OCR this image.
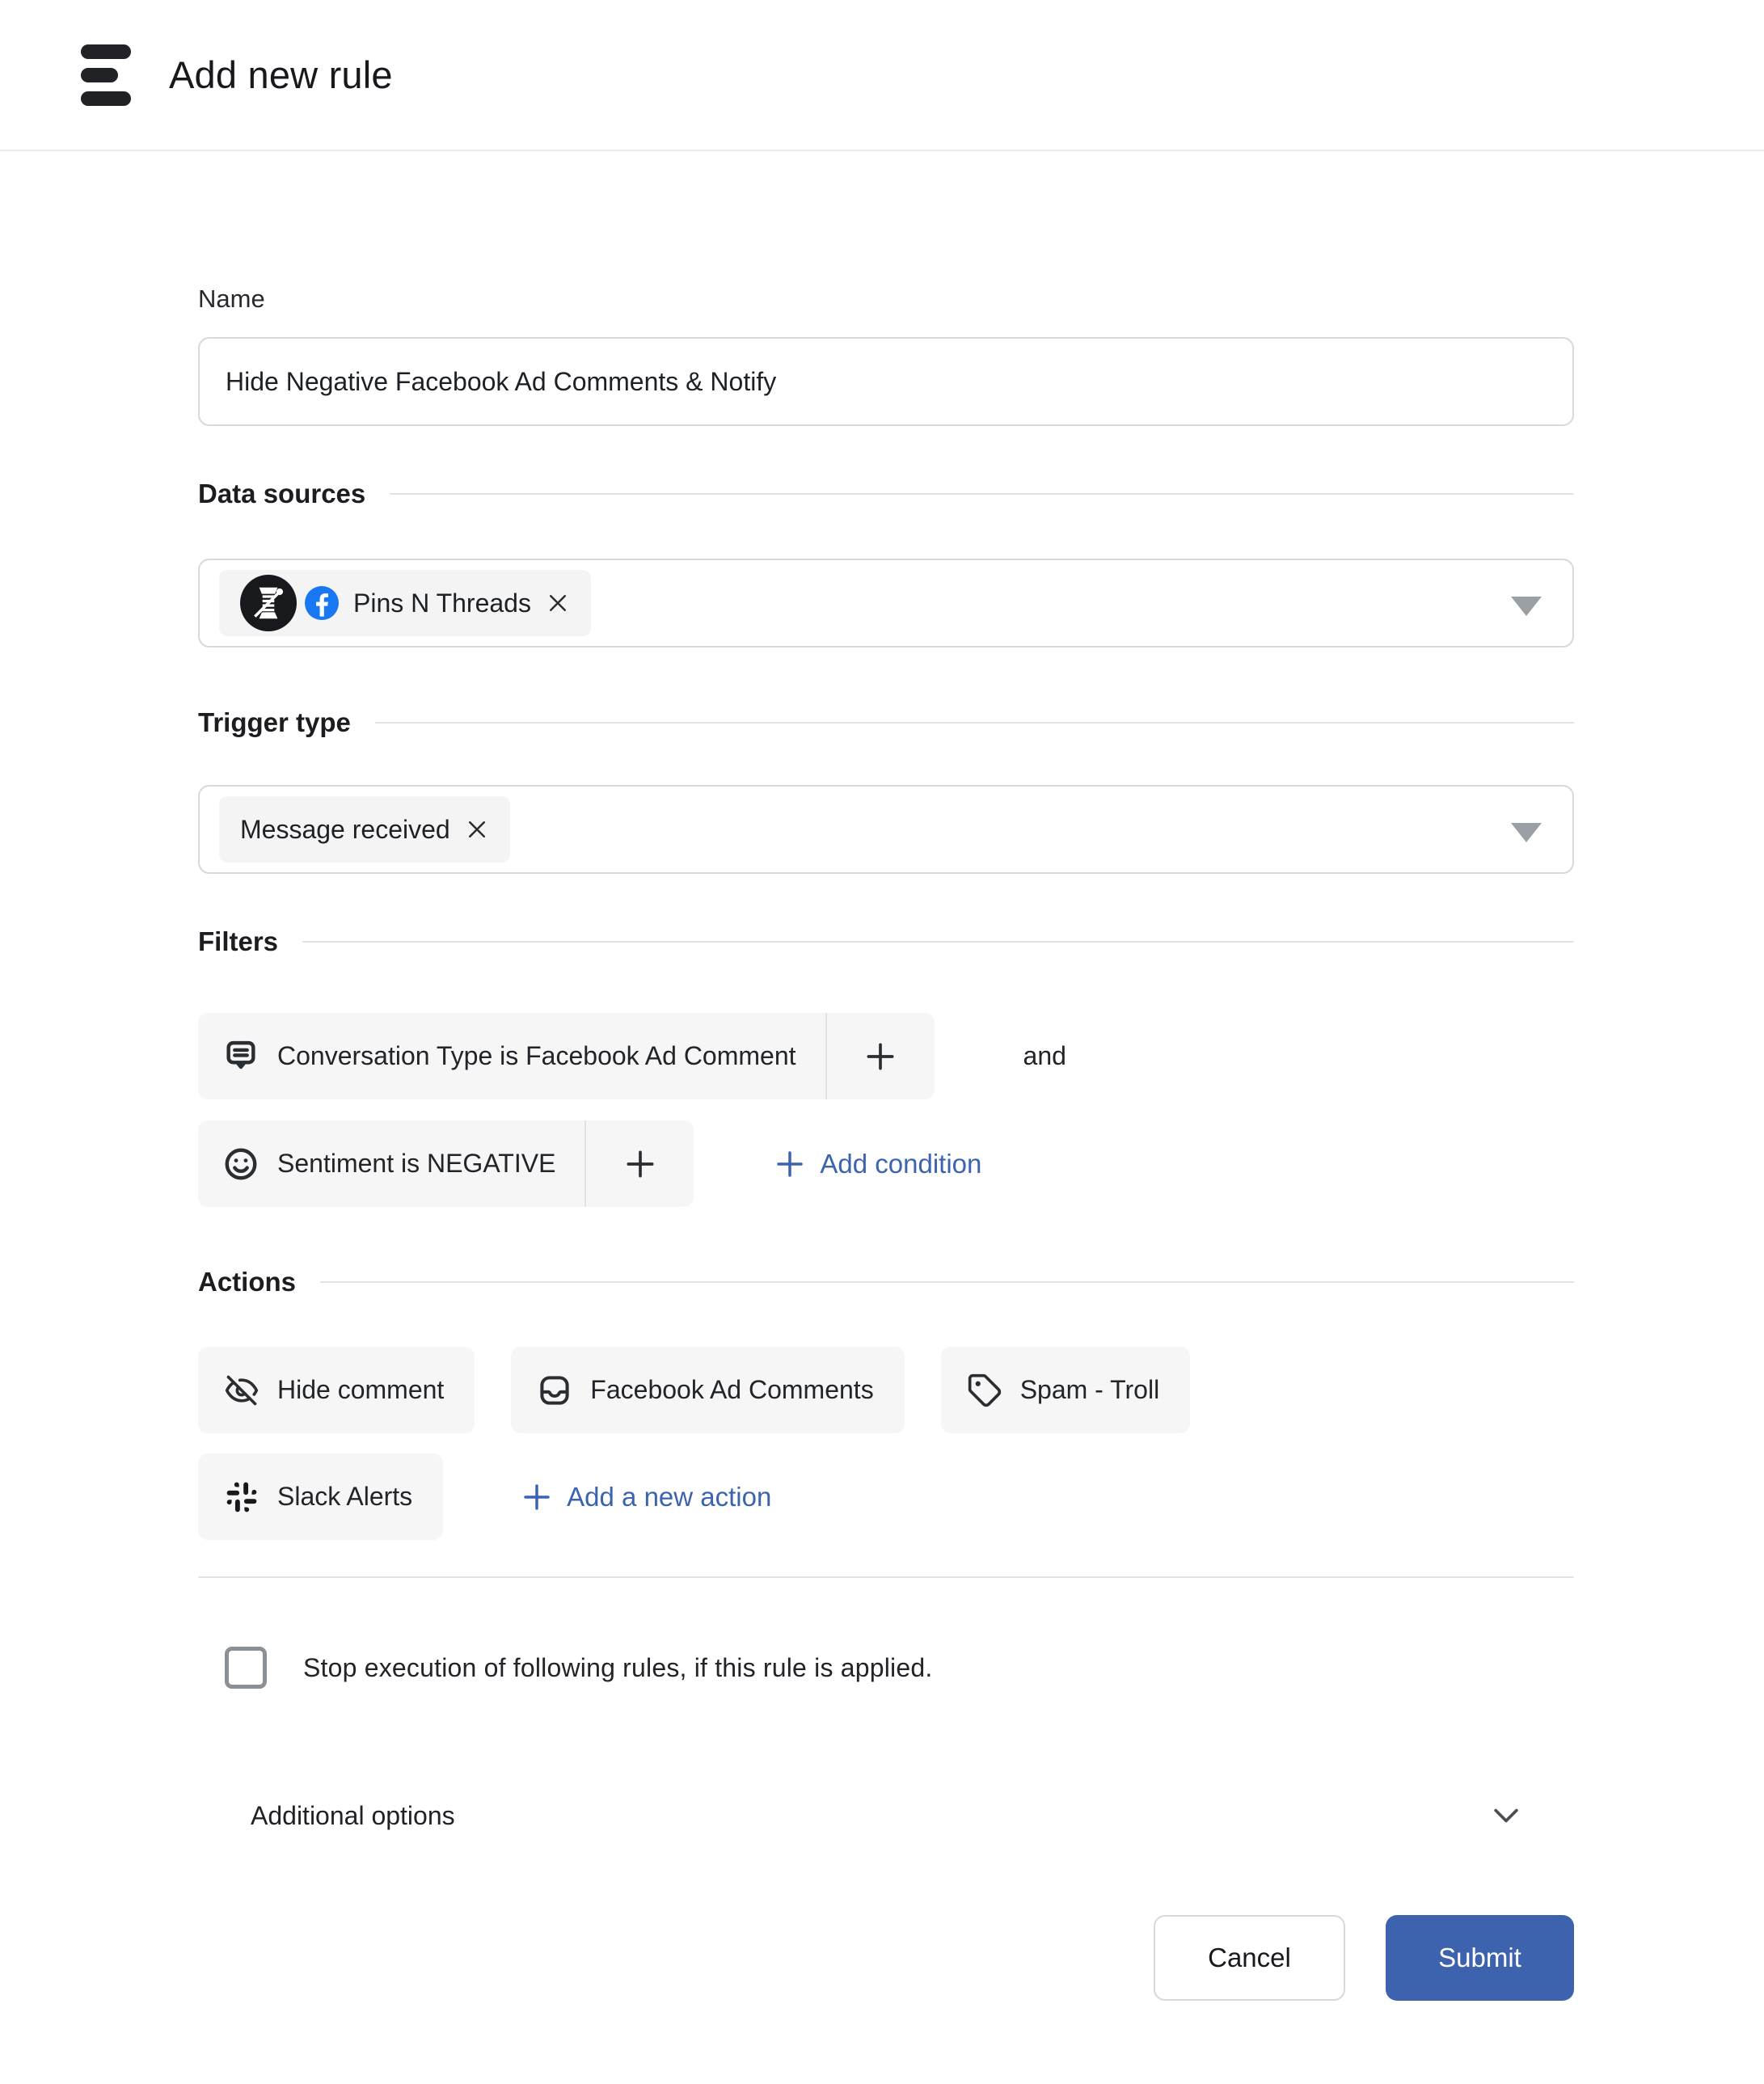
Add new rule
Name
Hide Negative Facebook Ad Comments & Notify
Data sources
Pins N Threads
Trigger type
Message received
Filters
Conversation Type is Facebook Ad Comment	and
Sentiment is NEGATIVE	Add condition
Actions
Hide comment	Facebook Ad Comments	Spam - Troll
Slack Alerts	Add a new action
Stop execution of following rules, if this rule is applied.
Additional options
Cancel	Submit
